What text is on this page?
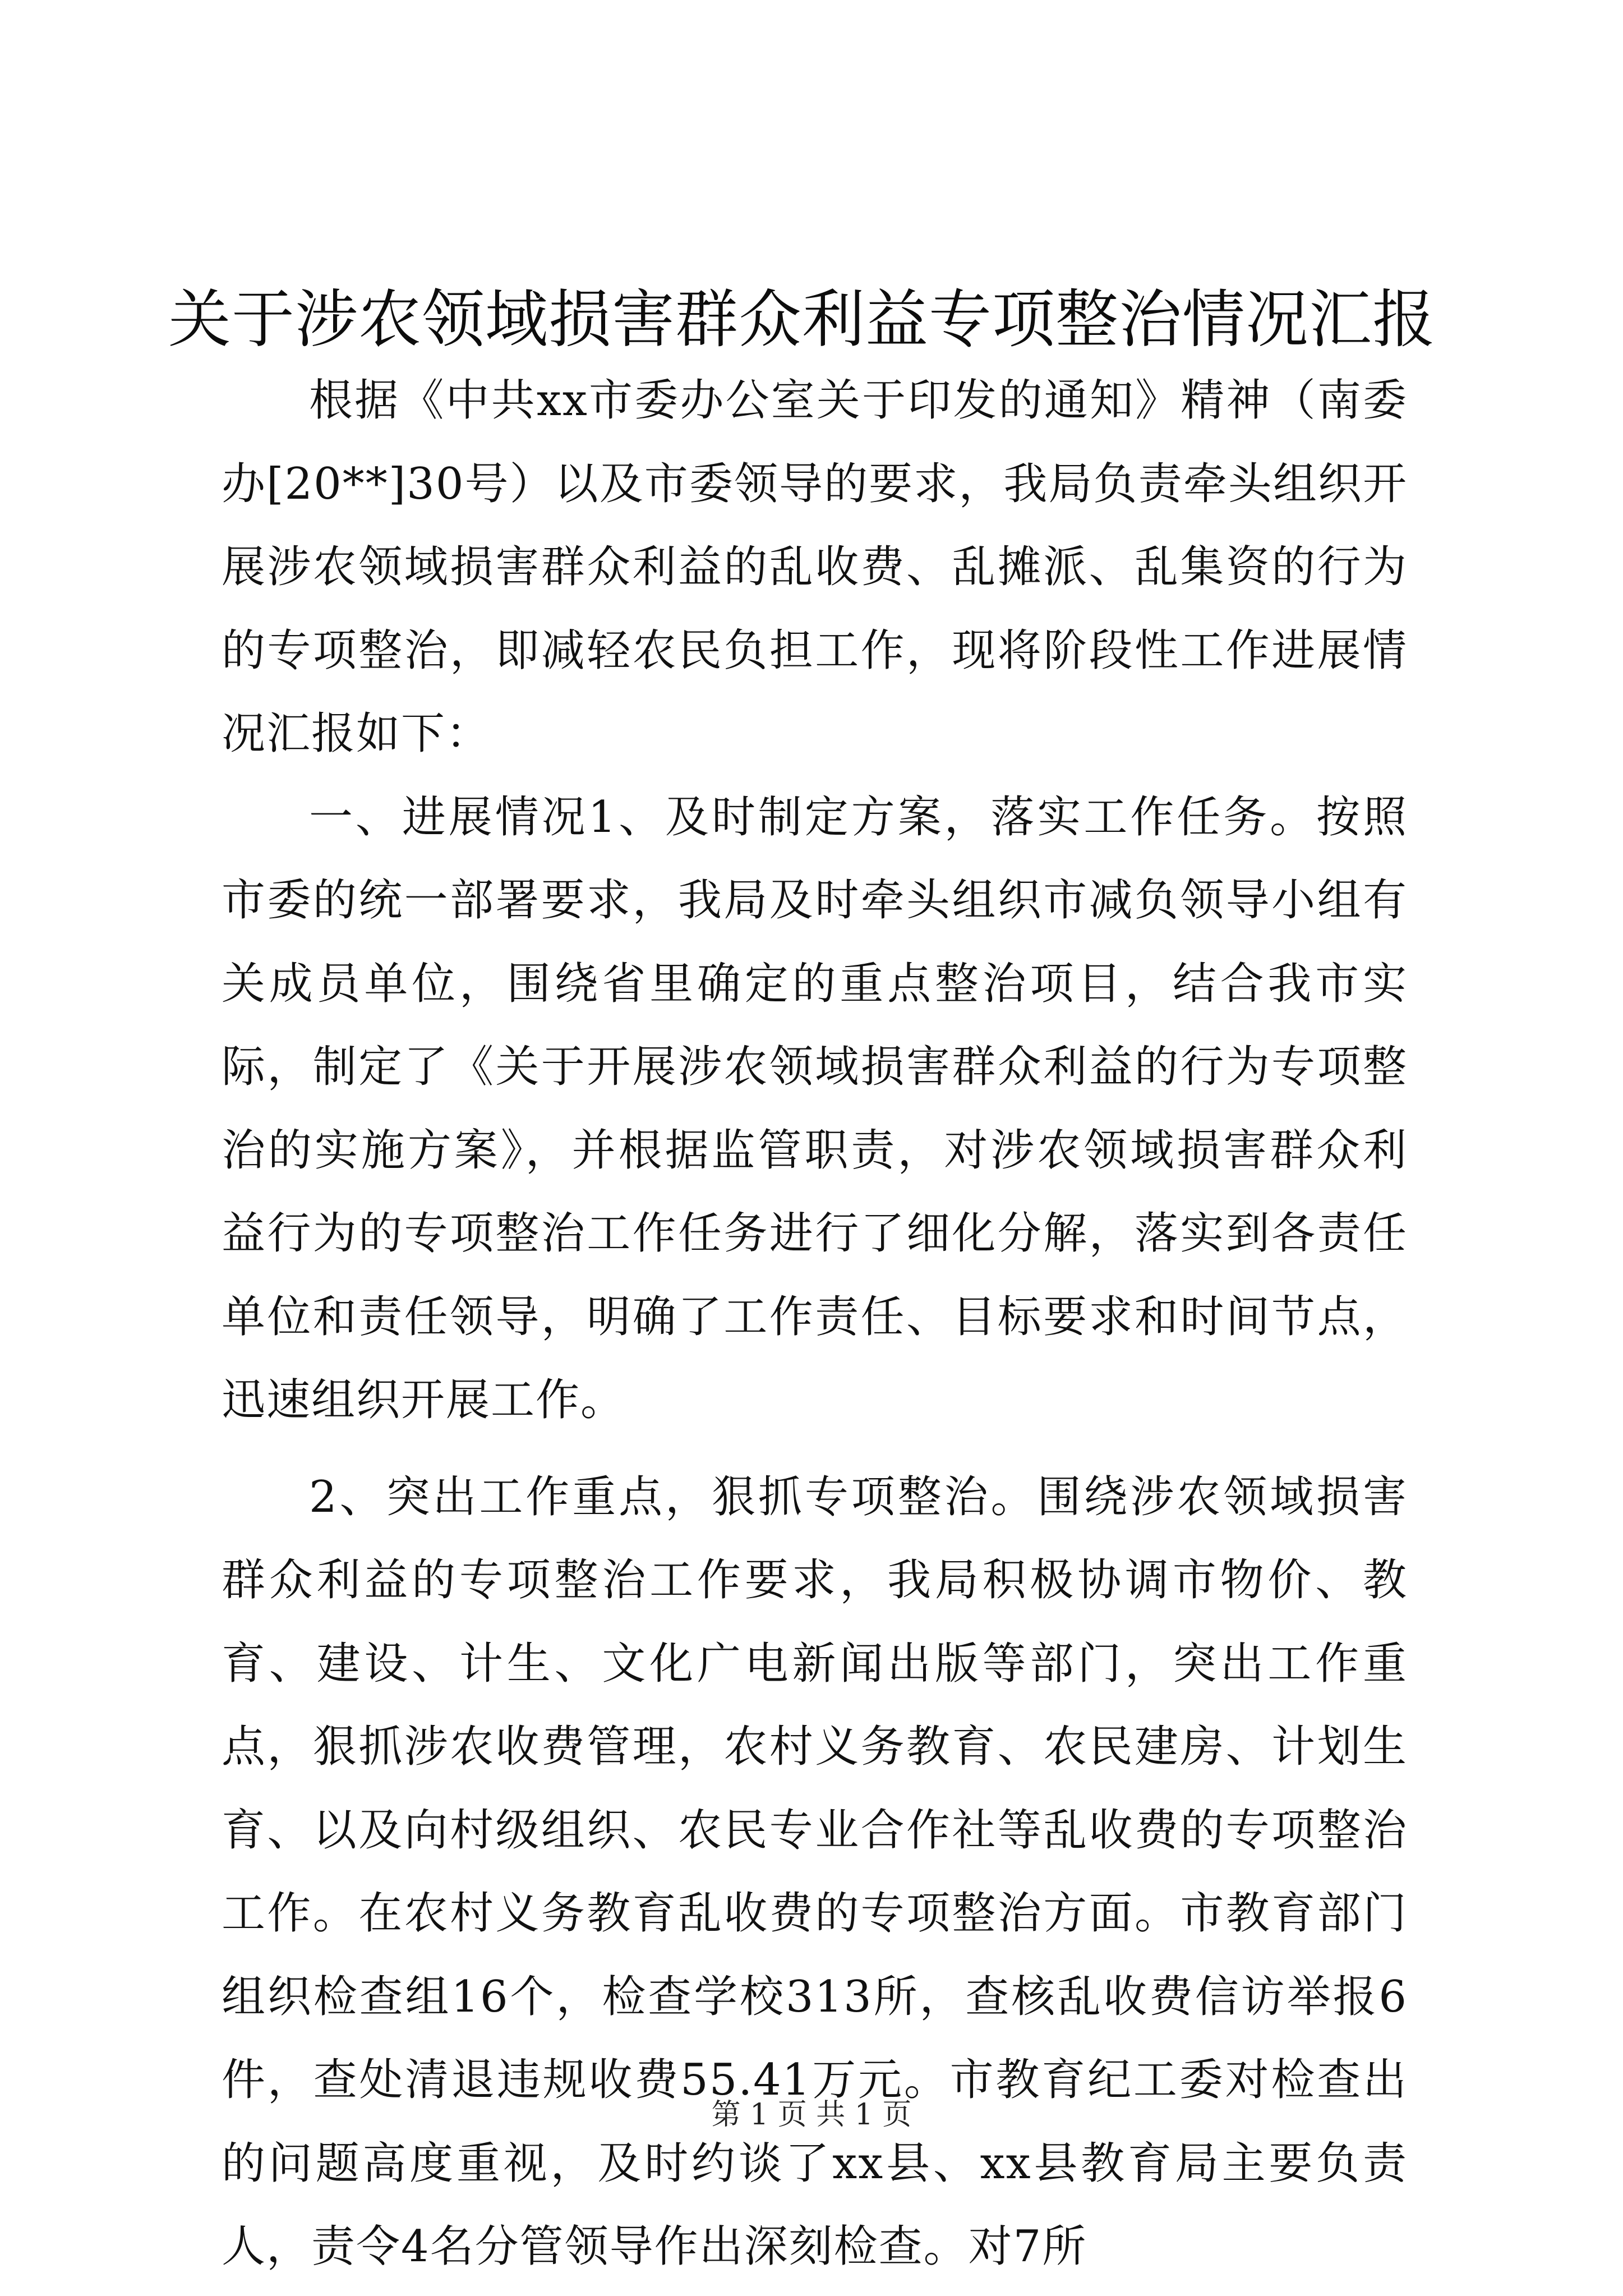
关于涉农领域损害群众利益专项整治情况汇报

根据《中共xx市委办公室关于印发的通知》精神（南委办[20**]30号）以及市委领导的要求，我局负责牵头组织开展涉农领域损害群众利益的乱收费、乱摊派、乱集资的行为的专项整治，即减轻农民负担工作，现将阶段性工作进展情况汇报如下：

一、进展情况1、及时制定方案，落实工作任务。按照市委的统一部署要求，我局及时牵头组织市减负领导小组有关成员单位，围绕省里确定的重点整治项目，结合我市实际，制定了《关于开展涉农领域损害群众利益的行为专项整治的实施方案》，并根据监管职责，对涉农领域损害群众利益行为的专项整治工作任务进行了细化分解，落实到各责任单位和责任领导，明确了工作责任、目标要求和时间节点，迅速组织开展工作。

2、突出工作重点，狠抓专项整治。围绕涉农领域损害群众利益的专项整治工作要求，我局积极协调市物价、教育、建设、计生、文化广电新闻出版等部门，突出工作重点，狠抓涉农收费管理，农村义务教育、农民建房、计划生育、以及向村级组织、农民专业合作社等乱收费的专项整治工作。在农村义务教育乱收费的专项整治方面。市教育部门组织检查组16个，检查学校313所，查核乱收费信访举报6件，查处清退违规收费55.41万元。市教育纪工委对检查出的问题高度重视，及时约谈了xx县、xx县教育局主要负责人，责令4名分管领导作出深刻检查。对7所

第 1 页 共 1 页
